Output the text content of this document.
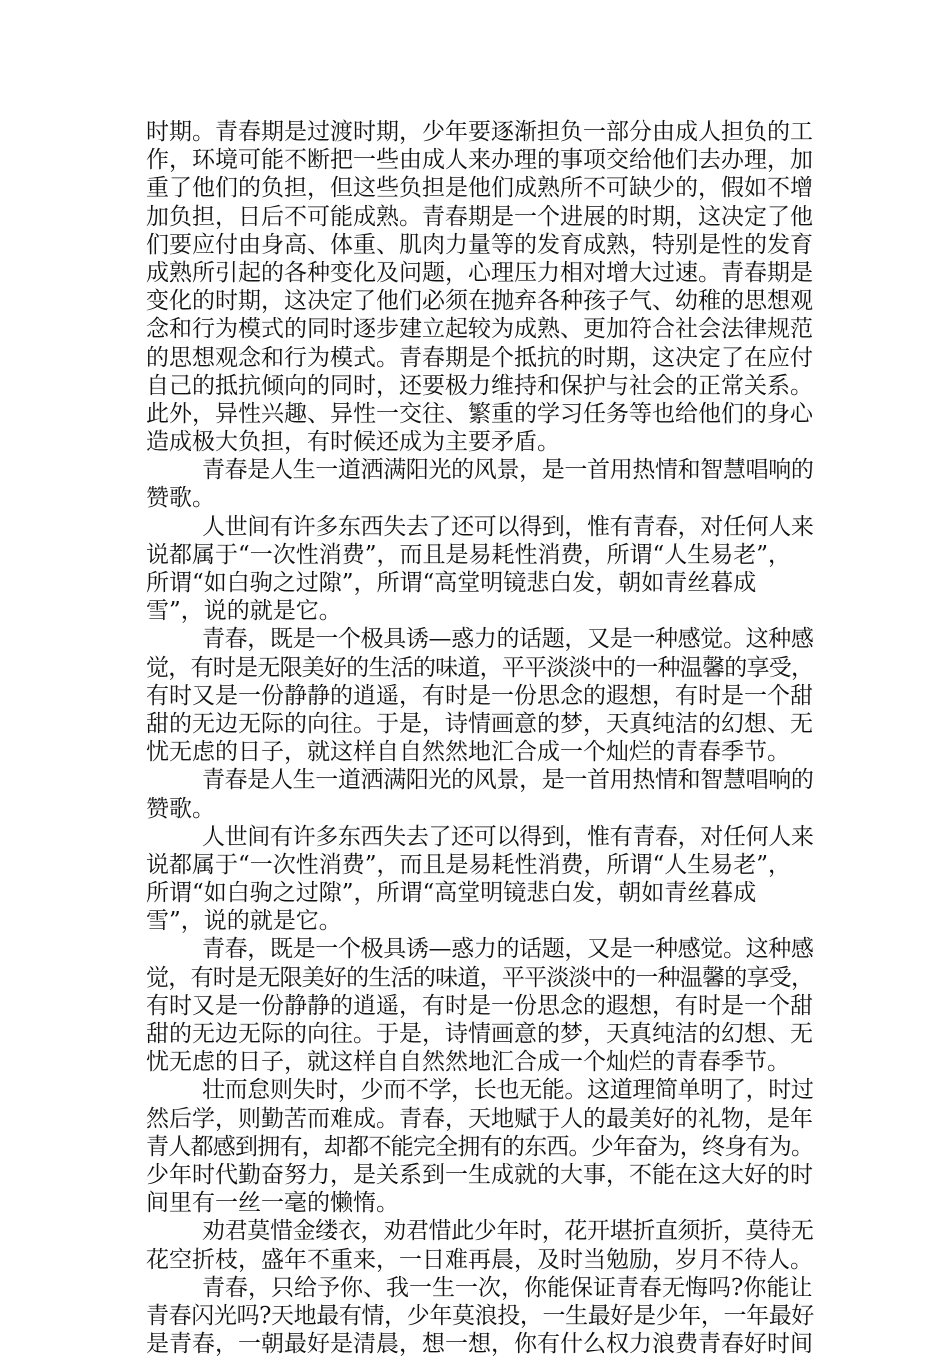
时期。青春期是过渡时期，少年要逐渐担负一部分由成人担负的工
作，环境可能不断把一些由成人来办理的事项交给他们去办理，加
重了他们的负担，但这些负担是他们成熟所不可缺少的，假如不增
加负担，日后不可能成熟。青春期是一个进展的时期，这决定了他
们要应付由身高、体重、肌肉力量等的发育成熟，特别是性的发育
成熟所引起的各种变化及问题，心理压力相对增大过速。青春期是
变化的时期，这决定了他们必须在抛弃各种孩子气、幼稚的思想观
念和行为模式的同时逐步建立起较为成熟、更加符合社会法律规范
的思想观念和行为模式。青春期是个抵抗的时期，这决定了在应付
自己的抵抗倾向的同时，还要极力维持和保护与社会的正常关系。
此外，异性兴趣、异性一交往、繁重的学习任务等也给他们的身心
造成极大负担，有时候还成为主要矛盾。
青春是人生一道洒满阳光的风景，是一首用热情和智慧唱响的
赞歌。
人世间有许多东西失去了还可以得到，惟有青春，对任何人来
说都属于“一次性消费”，而且是易耗性消费，所谓“人生易老”，
所谓“如白驹之过隙”，所谓“高堂明镜悲白发，朝如青丝暮成
雪”，说的就是它。
青春，既是一个极具诱—惑力的话题，又是一种感觉。这种感
觉，有时是无限美好的生活的味道，平平淡淡中的一种温馨的享受，
有时又是一份静静的逍遥，有时是一份思念的遐想，有时是一个甜
甜的无边无际的向往。于是，诗情画意的梦，天真纯洁的幻想、无
忧无虑的日子，就这样自自然然地汇合成一个灿烂的青春季节。
青春是人生一道洒满阳光的风景，是一首用热情和智慧唱响的
赞歌。
人世间有许多东西失去了还可以得到，惟有青春，对任何人来
说都属于“一次性消费”，而且是易耗性消费，所谓“人生易老”，
所谓“如白驹之过隙”，所谓“高堂明镜悲白发，朝如青丝暮成
雪”，说的就是它。
青春，既是一个极具诱—惑力的话题，又是一种感觉。这种感
觉，有时是无限美好的生活的味道，平平淡淡中的一种温馨的享受，
有时又是一份静静的逍遥，有时是一份思念的遐想，有时是一个甜
甜的无边无际的向往。于是，诗情画意的梦，天真纯洁的幻想、无
忧无虑的日子，就这样自自然然地汇合成一个灿烂的青春季节。
壮而怠则失时，少而不学，长也无能。这道理简单明了，时过
然后学，则勤苦而难成。青春，天地赋于人的最美好的礼物，是年
青人都感到拥有，却都不能完全拥有的东西。少年奋为，终身有为。
少年时代勤奋努力，是关系到一生成就的大事，不能在这大好的时
间里有一丝一毫的懒惰。
劝君莫惜金缕衣，劝君惜此少年时，花开堪折直须折，莫待无
花空折枝，盛年不重来，一日难再晨，及时当勉励，岁月不待人。
青春，只给予你、我一生一次，你能保证青春无悔吗?你能让
青春闪光吗?天地最有情，少年莫浪投，一生最好是少年，一年最好
是青春，一朝最好是清晨，想一想，你有什么权力浪费青春好时间
